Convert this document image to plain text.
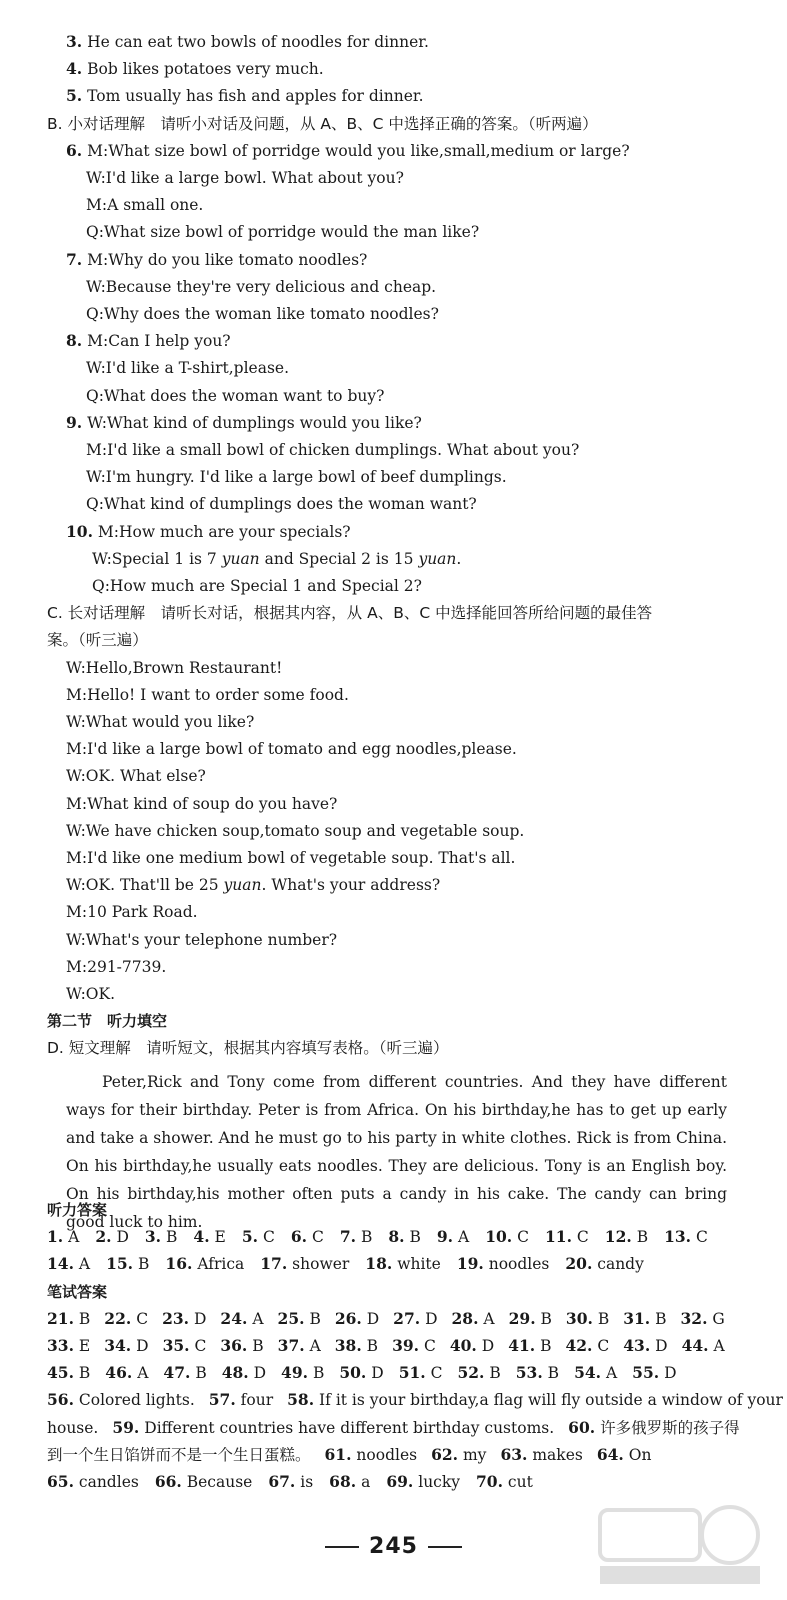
3. He can eat two bowls of noodles for dinner.
4. Bob likes potatoes very much.
5. Tom usually has fish and apples for dinner.
B. 小对话理解　请听小对话及问题，从 A、B、C 中选择正确的答案。（听两遍）
6. M:What size bowl of porridge would you like,small,medium or large?
W:I'd like a large bowl. What about you?
M:A small one.
Q:What size bowl of porridge would the man like?
7. M:Why do you like tomato noodles?
W:Because they're very delicious and cheap.
Q:Why does the woman like tomato noodles?
8. M:Can I help you?
W:I'd like a T-shirt,please.
Q:What does the woman want to buy?
9. W:What kind of dumplings would you like?
M:I'd like a small bowl of chicken dumplings. What about you?
W:I'm hungry. I'd like a large bowl of beef dumplings.
Q:What kind of dumplings does the woman want?
10. M:How much are your specials?
W:Special 1 is 7 yuan and Special 2 is 15 yuan.
Q:How much are Special 1 and Special 2?
C. 长对话理解　请听长对话，根据其内容，从 A、B、C 中选择能回答所给问题的最佳答
案。（听三遍）
W:Hello,Brown Restaurant!
M:Hello! I want to order some food.
W:What would you like?
M:I'd like a large bowl of tomato and egg noodles,please.
W:OK. What else?
M:What kind of soup do you have?
W:We have chicken soup,tomato soup and vegetable soup.
M:I'd like one medium bowl of vegetable soup. That's all.
W:OK. That'll be 25 yuan. What's your address?
M:10 Park Road.
W:What's your telephone number?
M:291-7739.
W:OK.
第二节　听力填空
D. 短文理解　请听短文，根据其内容填写表格。（听三遍）
Peter,Rick and Tony come from different countries. And they have different ways for their birthday. Peter is from Africa. On his birthday,he has to get up early and take a shower. And he must go to his party in white clothes. Rick is from China. On his birthday,he usually eats noodles. They are delicious. Tony is an English boy. On his birthday,his mother often puts a candy in his cake. The candy can bring good luck to him.
听力答案
1. A 2. D 3. B 4. E 5. C 6. C 7. B 8. B 9. A 10. C 11. C 12. B 13. C
14. A 15. B 16. Africa 17. shower 18. white 19. noodles 20. candy
笔试答案
21. B 22. C 23. D 24. A 25. B 26. D 27. D 28. A 29. B 30. B 31. B 32. G
33. E 34. D 35. C 36. B 37. A 38. B 39. C 40. D 41. B 42. C 43. D 44. A
45. B 46. A 47. B 48. D 49. B 50. D 51. C 52. B 53. B 54. A 55. D
56. Colored lights. 57. four 58. If it is your birthday,a flag will fly outside a window of your
house. 59. Different countries have different birthday customs. 60. 许多俄罗斯的孩子得
到一个生日馅饼而不是一个生日蛋糕。 61. noodles 62. my 63. makes 64. On
65. candles 66. Because 67. is 68. a 69. lucky 70. cut
245
